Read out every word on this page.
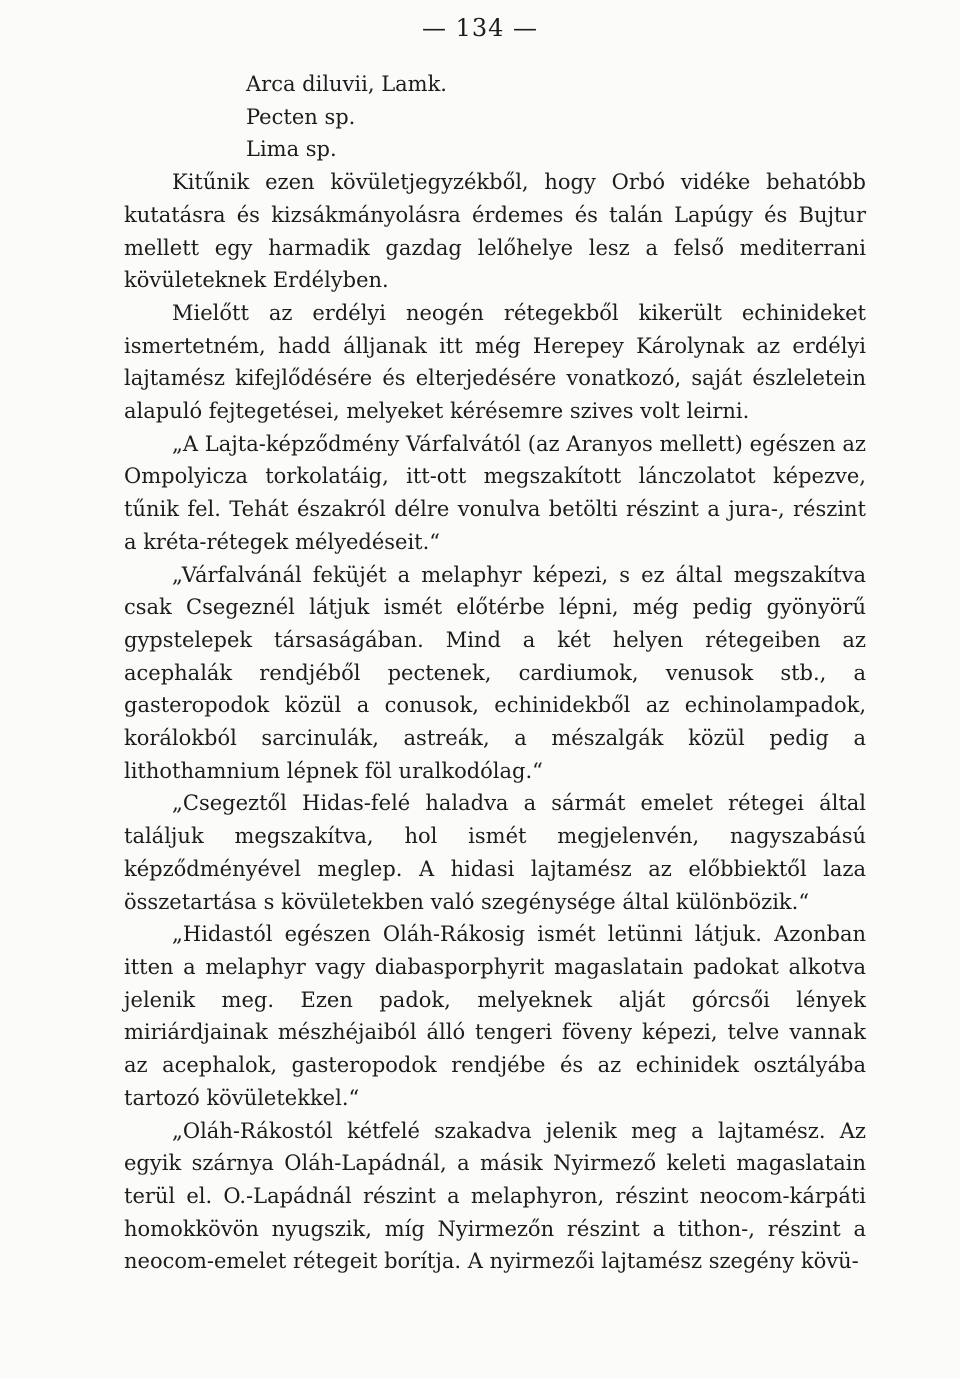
— 134 —
Arca diluvii, Lamk.
Pecten sp.
Lima sp.

Kitűnik ezen kövületjegyzékből, hogy Orbó vidéke behatóbb kutatásra és kizsákmányolásra érdemes és talán Lapúgy és Bujtur mellett egy harmadik gazdag lelőhelye lesz a felső mediterrani kövületeknek Erdélyben.

Mielőtt az erdélyi neogén rétegekből kikerült echinideket ismertetném, hadd álljanak itt még Herepey Károlynak az erdélyi lajtamész kifejlődésére és elterjedésére vonatkozó, saját észleletein alapuló fejtegetései, melyeket kérésemre szives volt leirni.

„A Lajta-képződmény Várfalvától (az Aranyos mellett) egészen az Ompolyicza torkolatáig, itt-ott megszakított lánczolatot képezve, tűnik fel. Tehát északról délre vonulva betölti részint a jura-, részint a kréta-rétegek mélyedéseit.“

„Várfalvánál feküjét a melaphyr képezi, s ez által megszakítva csak Csegeznél látjuk ismét előtérbe lépni, még pedig gyönyörű gypstelepek társaságában. Mind a két helyen rétegeiben az acephalák rendjéből pectenek, cardiumok, venusok stb., a gasteropodok közül a conusok, echinidekből az echinolampadok, korálokból sarcinulák, astreák, a mészalgák közül pedig a lithothamnium lépnek föl uralkodólag.“

„Csegeztől Hidas-felé haladva a sármát emelet rétegei által találjuk megszakítva, hol ismét megjelenvén, nagyszabású képződményével meglep. A hidasi lajtamész az előbbiektől laza összetartása s kövületekben való szegénysége által különbözik.“

„Hidastól egészen Oláh-Rákosig ismét letünni látjuk. Azonban itten a melaphyr vagy diabasporphyrit magaslatain padokat alkotva jelenik meg. Ezen padok, melyeknek alját górcsői lények miriárdjainak mészhéjaiból álló tengeri föveny képezi, telve vannak az acephalok, gasteropodok rendjébe és az echinidek osztályába tartozó kövületekkel.“

„Oláh-Rákostól kétfelé szakadva jelenik meg a lajtamész. Az egyik szárnya Oláh-Lapádnál, a másik Nyirmező keleti magaslatain terül el. O.-Lapádnál részint a melaphyron, részint neocom-kárpáti homokkövön nyugszik, míg Nyirmezőn részint a tithon-, részint a neocom-emelet rétegeit borítja. A nyirmezői lajtamész szegény kövü-
